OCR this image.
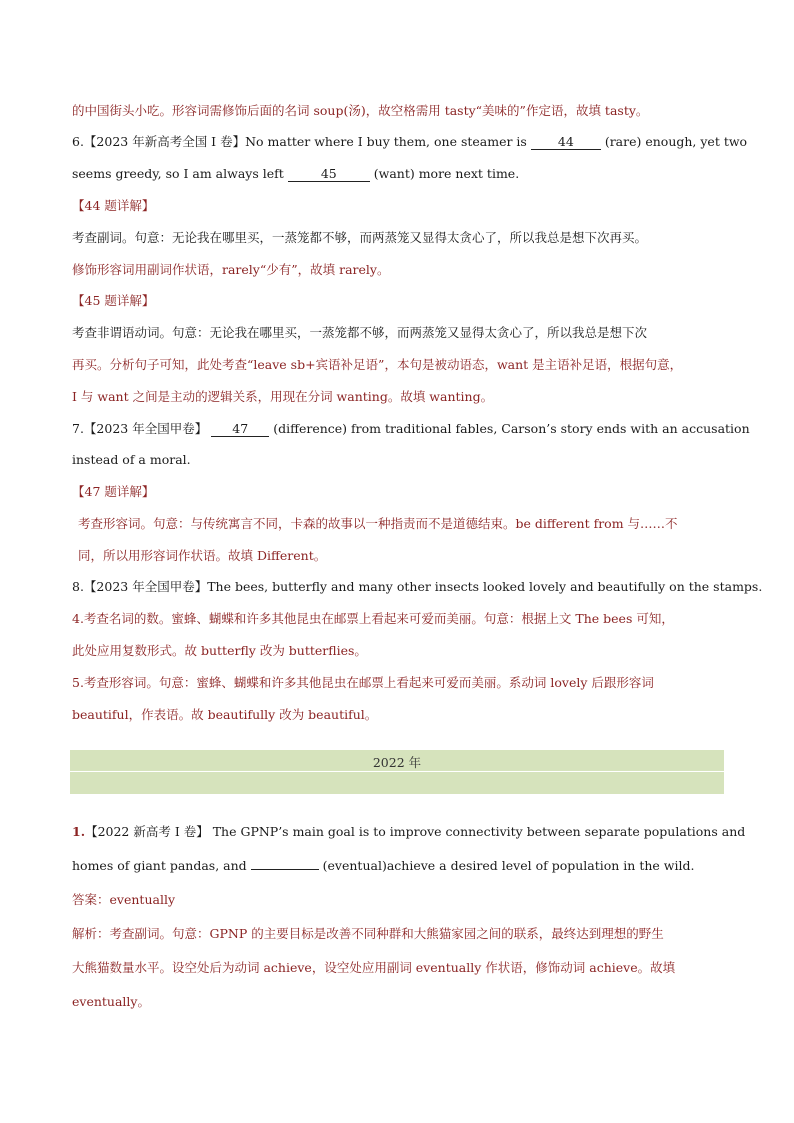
的中国街头小吃。形容词需修饰后面的名词 soup(汤)，故空格需用 tasty“美味的”作定语，故填 tasty。
6.【2023 年新高考全国 I 卷】No matter where I buy them, one steamer is 44 (rare) enough, yet two
seems greedy, so I am always left	45	(want) more next time.
【44 题详解】
考查副词。句意：无论我在哪里买，一蒸笼都不够，而两蒸笼又显得太贪心了，所以我总是想下次再买。
修饰形容词用副词作状语，rarely“少有”，故填 rarely。
【45 题详解】
考查非谓语动词。句意：无论我在哪里买，一蒸笼都不够，而两蒸笼又显得太贪心了，所以我总是想下次
再买。分析句子可知，此处考查“leave sb+宾语补足语”，本句是被动语态，want 是主语补足语，根据句意，
I 与 want 之间是主动的逻辑关系，用现在分词 wanting。故填 wanting。
7.【2023 年全国甲卷】 47 (difference) from traditional fables, Carson’s story ends with an accusation
instead of a moral.
【47 题详解】
考查形容词。句意：与传统寓言不同，卡森的故事以一种指责而不是道德结束。be different from 与……不
同，所以用形容词作状语。故填 Different。
8.【2023 年全国甲卷】The bees, butterfly and many other insects looked lovely and beautifully on the stamps.
4.考查名词的数。蜜蜂、蝴蝶和许多其他昆虫在邮票上看起来可爱而美丽。句意：根据上文 The bees 可知，
此处应用复数形式。故 butterfly 改为 butterflies。
5.考查形容词。句意：蜜蜂、蝴蝶和许多其他昆虫在邮票上看起来可爱而美丽。系动词 lovely 后跟形容词
beautiful，作表语。故 beautifully 改为 beautiful。
2022 年
1.【2022 新高考 I 卷】 The GPNP’s main goal is to improve connectivity between separate populations and
homes of giant pandas, and	(eventual)achieve a desired level of population in the wild.
答案：eventually
解析：考查副词。句意：GPNP 的主要目标是改善不同种群和大熊猫家园之间的联系，最终达到理想的野生
大熊猫数量水平。设空处后为动词 achieve，设空处应用副词 eventually 作状语，修饰动词 achieve。故填
eventually。
